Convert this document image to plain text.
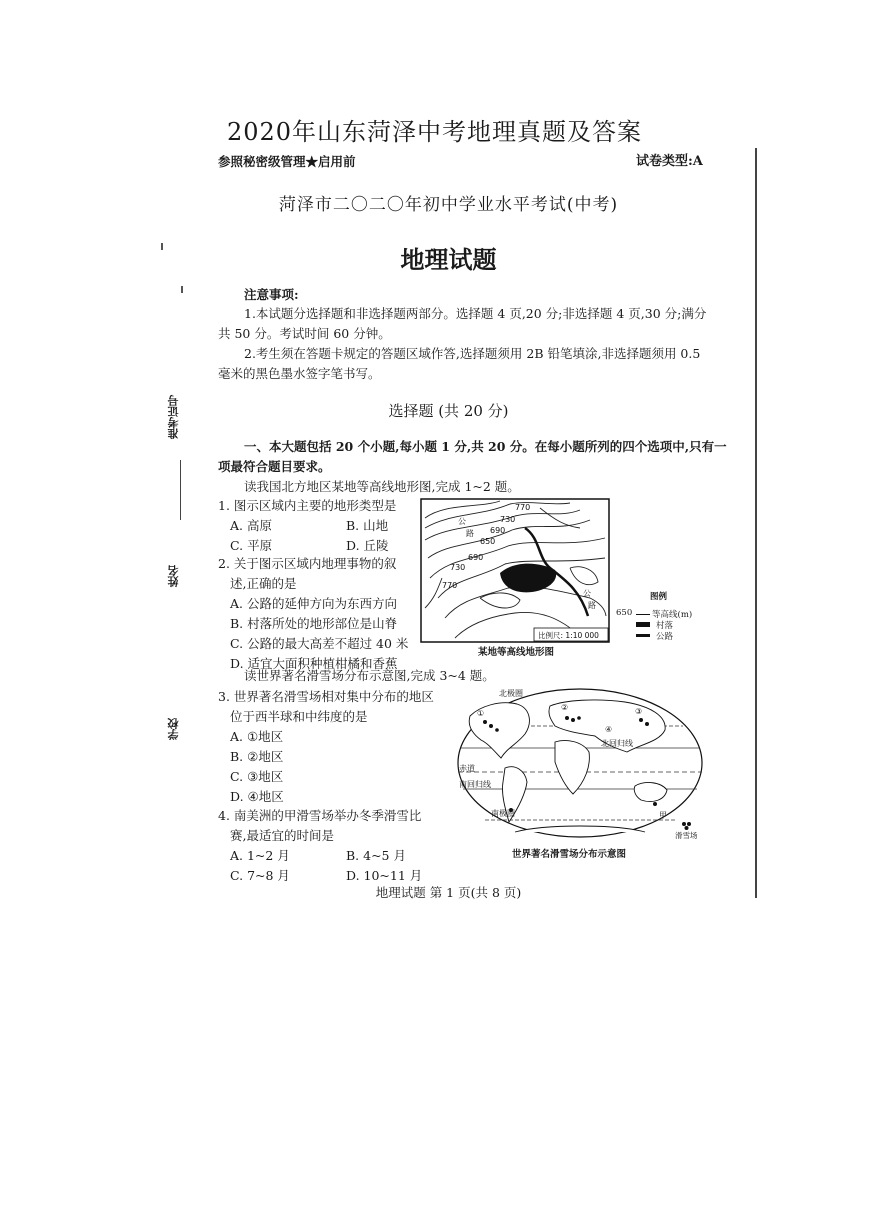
2020年山东菏泽中考地理真题及答案
参照秘密级管理★启用前	试卷类型:A
菏泽市二〇二〇年初中学业水平考试(中考)
地理试题
准考证号
姓名
学校
注意事项:
1.本试题分选择题和非选择题两部分。选择题 4 页,20 分;非选择题 4 页,30 分;满分
共 50 分。考试时间 60 分钟。
2.考生须在答题卡规定的答题区域作答,选择题须用 2B 铅笔填涂,非选择题须用 0.5
毫米的黑色墨水签字笔书写。
选择题 (共 20 分)
一、本大题包括 20 个小题,每小题 1 分,共 20 分。在每小题所列的四个选项中,只有一
项最符合题目要求。
读我国北方地区某地等高线地形图,完成 1~2 题。
1. 图示区域内主要的地形类型是
A. 高原	B. 山地
C. 平原	D. 丘陵
2. 关于图示区域内地理事物的叙
述,正确的是
A. 公路的延伸方向为东西方向
B. 村落所处的地形部位是山脊
C. 公路的最大高差不超过 40 米
D. 适宜大面积种植柑橘和香蕉
770
730
690
650
690
730
770
公
路
公
路
比例尺: 1:10 000
某地等高线地形图
图例
650 等高线(m)
村落
公路
读世界著名滑雪场分布示意图,完成 3~4 题。
3. 世界著名滑雪场相对集中分布的地区
位于西半球和中纬度的是
A. ①地区
B. ②地区
C. ③地区
D. ④地区
4. 南美洲的甲滑雪场举办冬季滑雪比
赛,最适宜的时间是
A. 1~2 月	B. 4~5 月
C. 7~8 月	D. 10~11 月
北极圈
北回归线
赤道
南回归线
南极圈	甲
①
②	③
④
滑雪场
世界著名滑雪场分布示意图
地理试题 第 1 页(共 8 页)
